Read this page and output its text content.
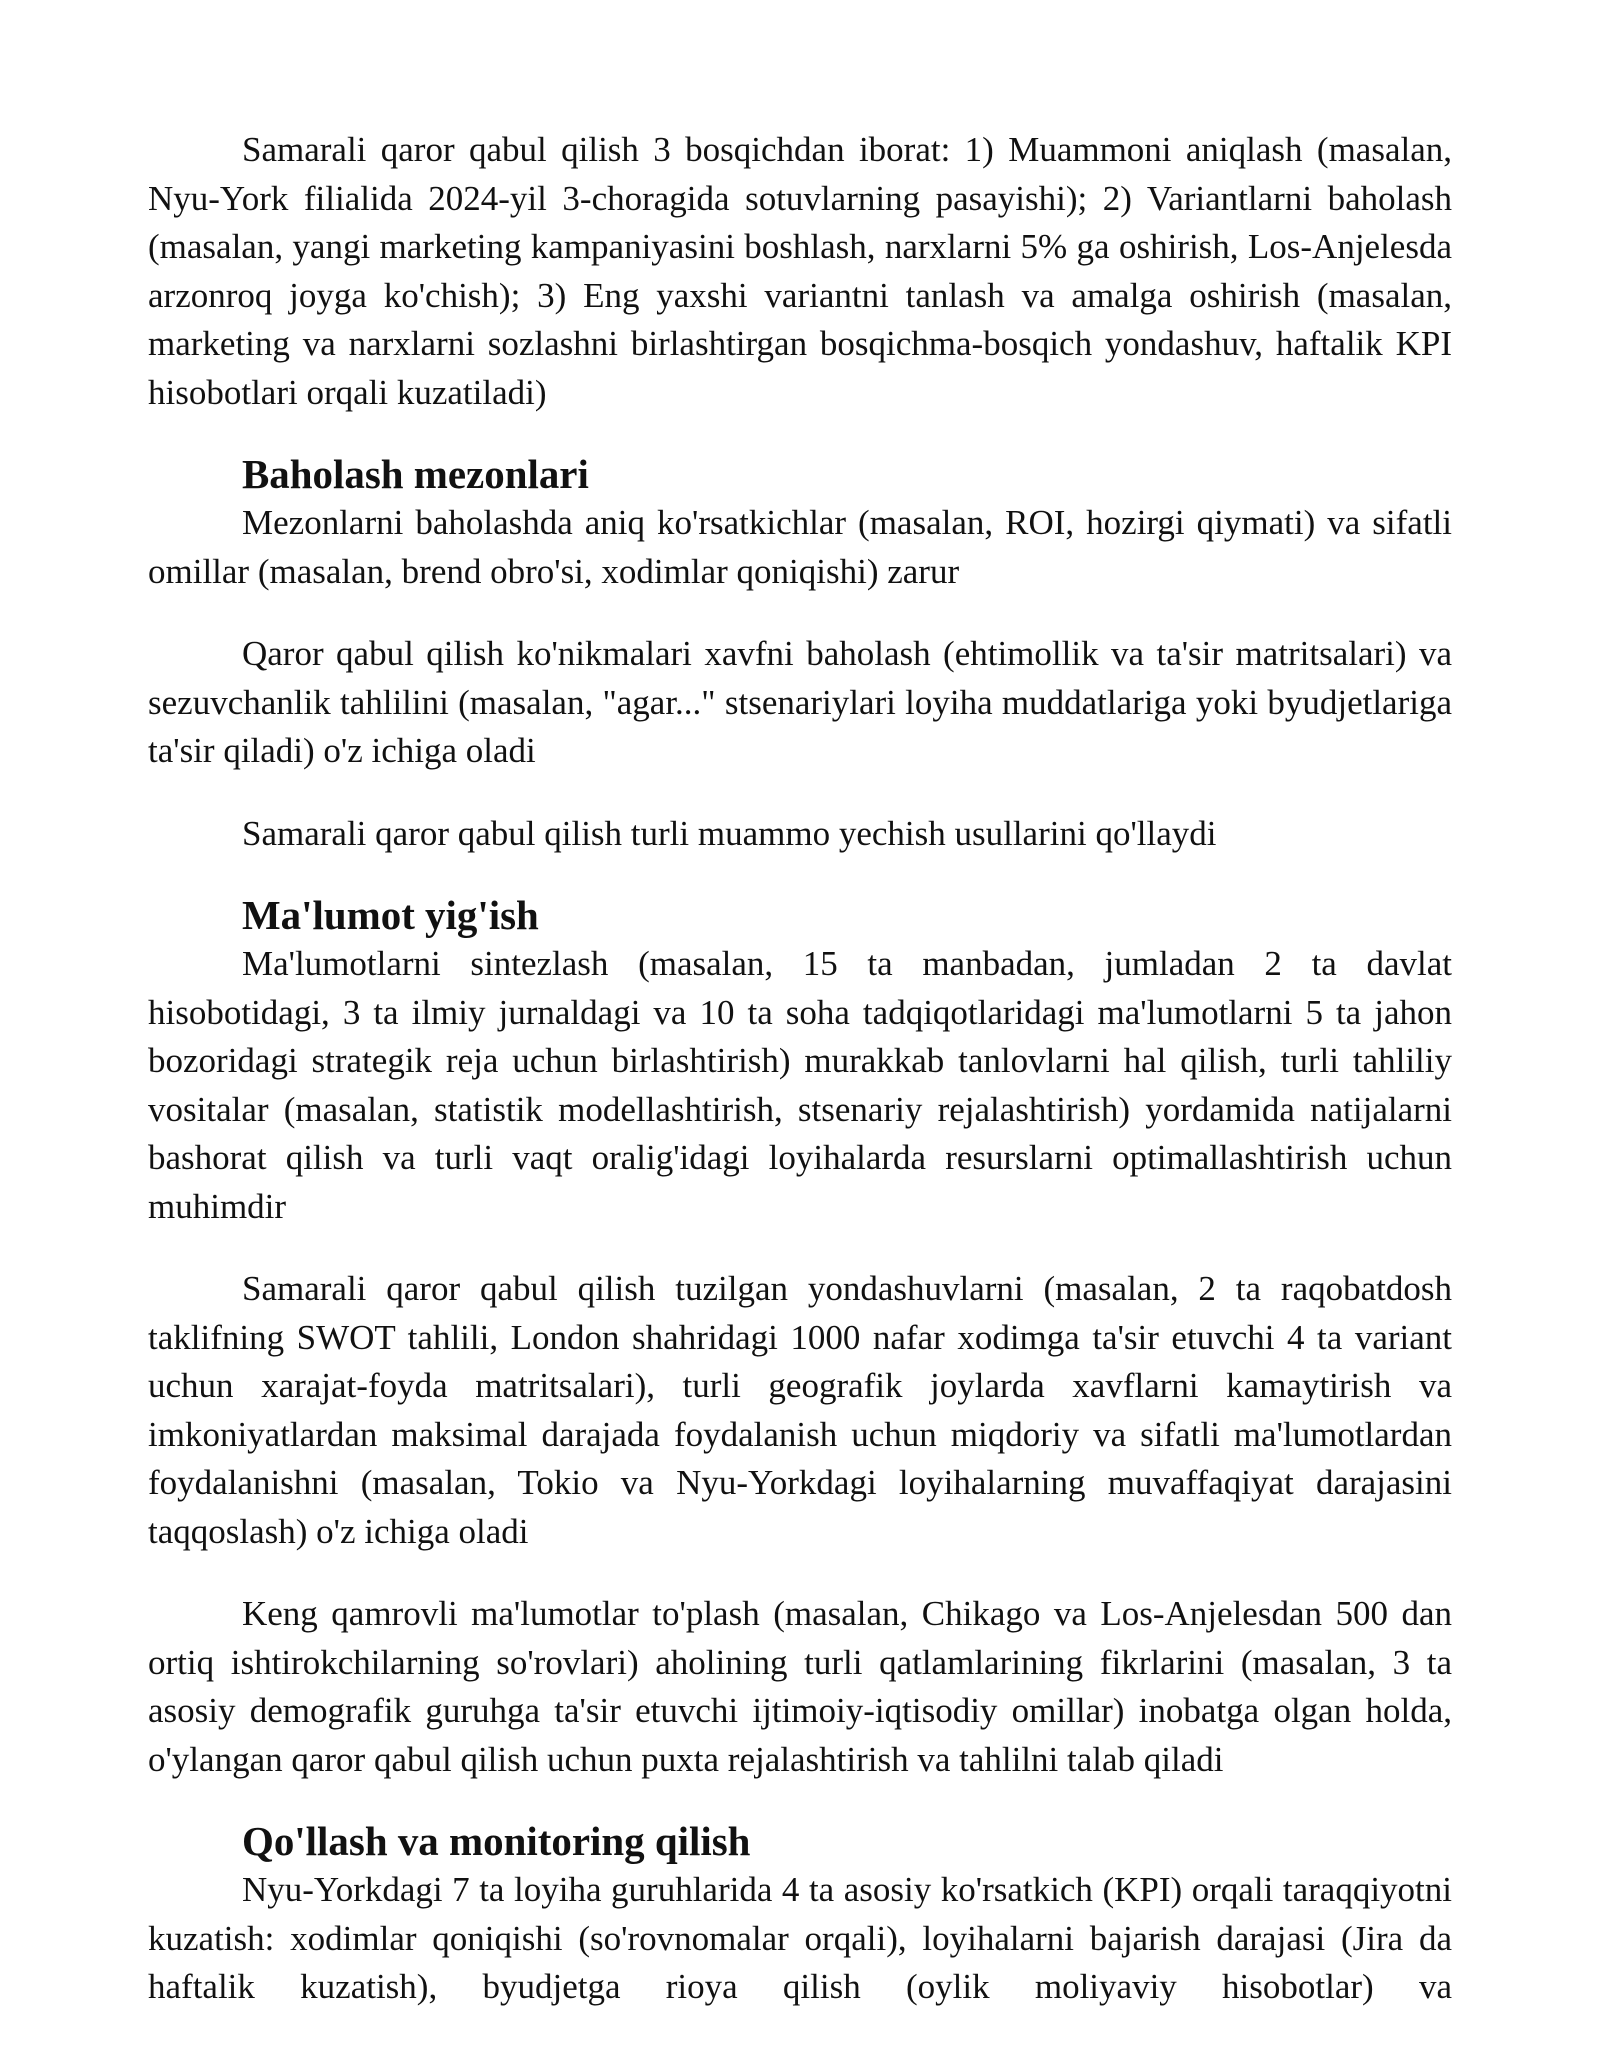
Samarali qaror qabul qilish 3 bosqichdan iborat: 1) Muammoni aniqlash (masalan, Nyu-York filialida 2024-yil 3-choragida sotuvlarning pasayishi); 2) Variantlarni baholash (masalan, yangi marketing kampaniyasini boshlash, narxlarni 5% ga oshirish, Los-Anjelesda arzonroq joyga ko'chish); 3) Eng yaxshi variantni tanlash va amalga oshirish (masalan, marketing va narxlarni sozlashni birlashtirgan bosqichma-bosqich yondashuv, haftalik KPI hisobotlari orqali kuzatiladi)

Baholash mezonlari

Mezonlarni baholashda aniq ko'rsatkichlar (masalan, ROI, hozirgi qiymati) va sifatli omillar (masalan, brend obro'si, xodimlar qoniqishi) zarur

Qaror qabul qilish ko'nikmalari xavfni baholash (ehtimollik va ta'sir matritsalari) va sezuvchanlik tahlilini (masalan, "agar..." stsenariylari loyiha muddatlariga yoki byudjetlariga ta'sir qiladi) o'z ichiga oladi

Samarali qaror qabul qilish turli muammo yechish usullarini qo'llaydi

Ma'lumot yig'ish

Ma'lumotlarni sintezlash (masalan, 15 ta manbadan, jumladan 2 ta davlat hisobotidagi, 3 ta ilmiy jurnaldagi va 10 ta soha tadqiqotlaridagi ma'lumotlarni 5 ta jahon bozoridagi strategik reja uchun birlashtirish) murakkab tanlovlarni hal qilish, turli tahliliy vositalar (masalan, statistik modellashtirish, stsenariy rejalashtirish) yordamida natijalarni bashorat qilish va turli vaqt oralig'idagi loyihalarda resurslarni optimallashtirish uchun muhimdir

Samarali qaror qabul qilish tuzilgan yondashuvlarni (masalan, 2 ta raqobatdosh taklifning SWOT tahlili, London shahridagi 1000 nafar xodimga ta'sir etuvchi 4 ta variant uchun xarajat-foyda matritsalari), turli geografik joylarda xavflarni kamaytirish va imkoniyatlardan maksimal darajada foydalanish uchun miqdoriy va sifatli ma'lumotlardan foydalanishni (masalan, Tokio va Nyu-Yorkdagi loyihalarning muvaffaqiyat darajasini taqqoslash) o'z ichiga oladi

Keng qamrovli ma'lumotlar to'plash (masalan, Chikago va Los-Anjelesdan 500 dan ortiq ishtirokchilarning so'rovlari) aholining turli qatlamlarining fikrlarini (masalan, 3 ta asosiy demografik guruhga ta'sir etuvchi ijtimoiy-iqtisodiy omillar) inobatga olgan holda, o'ylangan qaror qabul qilish uchun puxta rejalashtirish va tahlilni talab qiladi

Qo'llash va monitoring qilish

Nyu-Yorkdagi 7 ta loyiha guruhlarida 4 ta asosiy ko'rsatkich (KPI) orqali taraqqiyotni kuzatish: xodimlar qoniqishi (so'rovnomalar orqali), loyihalarni bajarish darajasi (Jira da haftalik kuzatish), byudjetga rioya qilish (oylik moliyaviy hisobotlar) va
